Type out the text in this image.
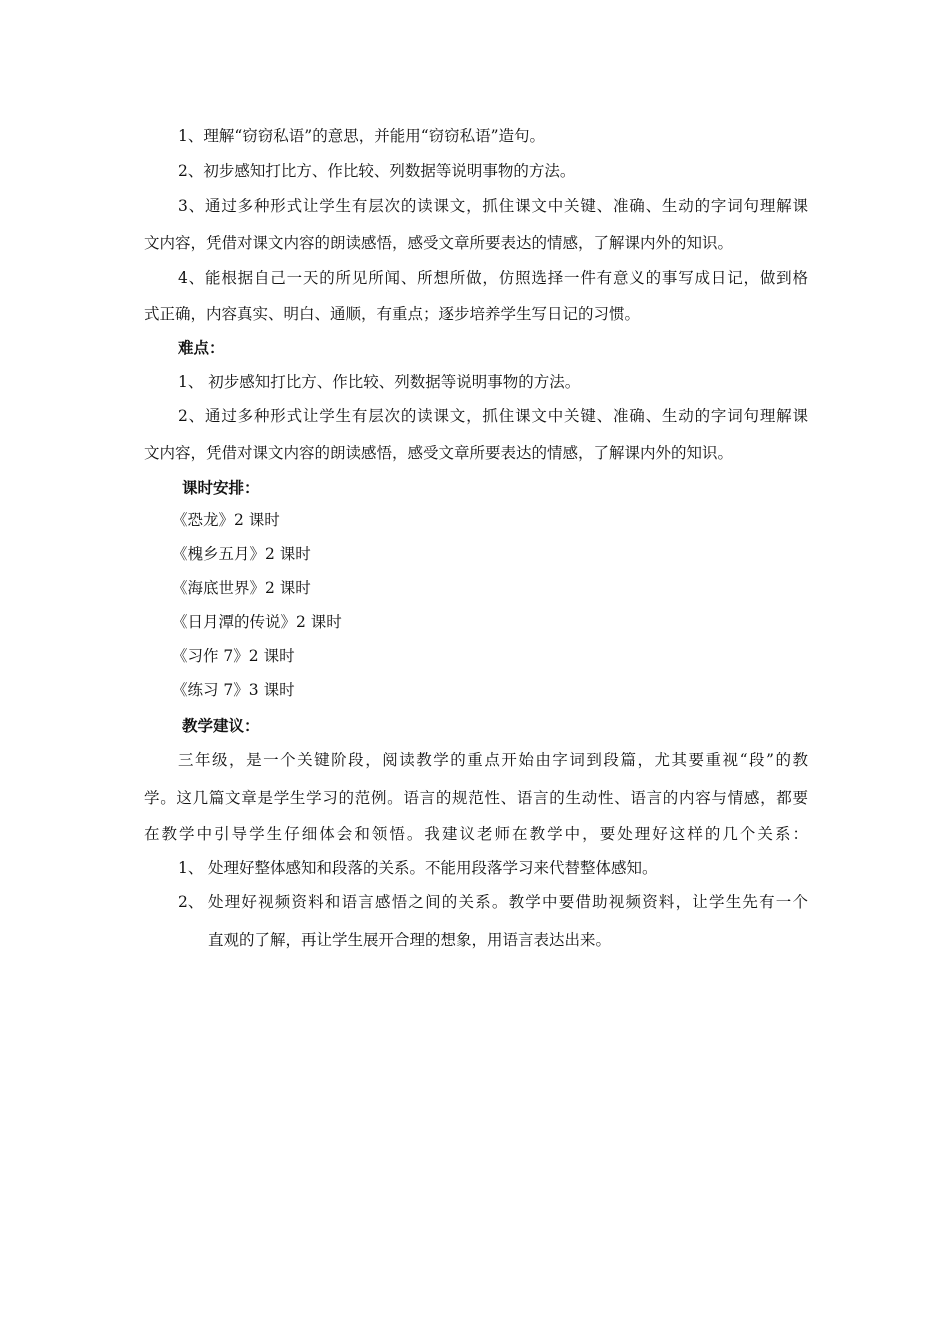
1、理解“窃窃私语”的意思，并能用“窃窃私语”造句。
2、初步感知打比方、作比较、列数据等说明事物的方法。
3、通过多种形式让学生有层次的读课文，抓住课文中关键、准确、生动的字词句理解课
文内容，凭借对课文内容的朗读感悟，感受文章所要表达的情感，了解课内外的知识。
4、能根据自己一天的所见所闻、所想所做，仿照选择一件有意义的事写成日记，做到格
式正确，内容真实、明白、通顺，有重点；逐步培养学生写日记的习惯。
难点：
1、 初步感知打比方、作比较、列数据等说明事物的方法。
2、通过多种形式让学生有层次的读课文，抓住课文中关键、准确、生动的字词句理解课
文内容，凭借对课文内容的朗读感悟，感受文章所要表达的情感，了解课内外的知识。
课时安排：
《恐龙》2 课时
《槐乡五月》2 课时
《海底世界》2 课时
《日月潭的传说》2 课时
《习作 7》2 课时
《练习 7》3 课时
教学建议：
三年级，是一个关键阶段，阅读教学的重点开始由字词到段篇，尤其要重视“段”的教
学。这几篇文章是学生学习的范例。语言的规范性、语言的生动性、语言的内容与情感，都要
在教学中引导学生仔细体会和领悟。我建议老师在教学中，要处理好这样的几个关系：
1、 处理好整体感知和段落的关系。不能用段落学习来代替整体感知。
2、 处理好视频资料和语言感悟之间的关系。教学中要借助视频资料，让学生先有一个
直观的了解，再让学生展开合理的想象，用语言表达出来。
